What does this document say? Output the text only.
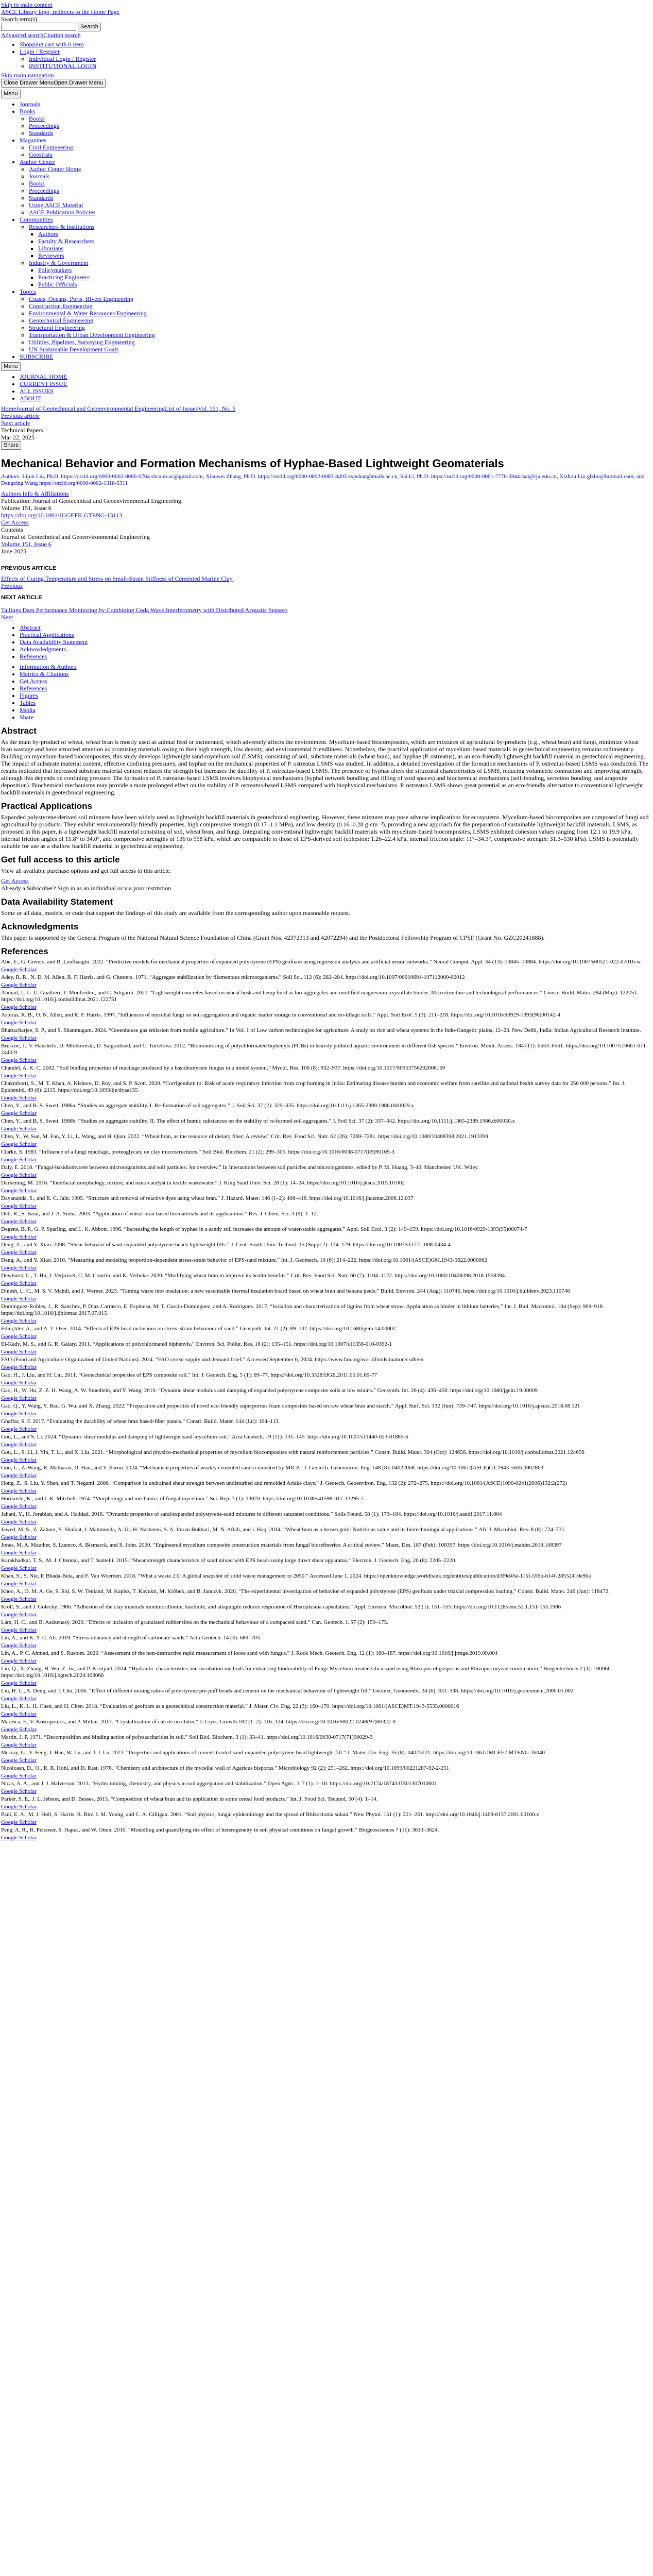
Skip to main content
ASCE Library logo, redirects to the Home Page
Search term(s)
Search
Advanced searchCitation search
• Shopping cart with 0 item
• Login / Register
◦ Individual Login / Register
◦ INSTITUTIONAL LOGIN
Skip main navigation
Close Drawer MenuOpen Drawer Menu
Menu
• Journals
• Books
◦ Books
◦ Proceedings
◦ Standards
• Magazines
◦ Civil Engineering
◦ Geostrata
• Author Center
◦ Author Center Home
◦ Journals
◦ Books
◦ Proceedings
◦ Standards
◦ Using ASCE Material
◦ ASCE Publication Policies
• Communities
◦ Researchers & Institutions
▪ Authors
▪ Faculty & Researchers
▪ Librarians
▪ Reviewers
◦ Industry & Government
▪ Policymakers
▪ Practicing Engineers
▪ Public Officials
• Topics
◦ Coasts, Oceans, Ports, Rivers Engineering
◦ Construction Engineering
◦ Environmental & Water Resources Engineering
◦ Geotechnical Engineering
◦ Structural Engineering
◦ Transportation & Urban Development Engineering
◦ Utilities, Pipelines, Surveying Engineering
◦ UN Sustainable Development Goals
• SUBSCRIBE
Menu
• JOURNAL HOME
• CURRENT ISSUE
• ALL ISSUES
• ABOUT
HomeJournal of Geotechnical and Geoenvironmental EngineeringList of IssuesVol. 151, No. 6
Previous article
Next article
Technical Papers
Mar 22, 2025
Share
Mechanical Behavior and Formation Mechanisms of Hyphae-Based Lightweight Geomaterials

Authors: Lijun Liu, Ph.D. https://orcid.org/0000-0002-8686-0764 shca.m.ac@gmail.com, Xiaowei Zhang, Ph.D. https://orcid.org/0000-0002-0083-4493 zxpshan@mails.ac.cn, Sai Li, Ph.D. https://orcid.org/0000-0001-7776-5944 tsai@tju.edu.cn, Xizhou Liu glzliu@hotmail.com, and Dengxing Wang https://orcid.org/0000-0002-1318-5311

Authors Info & Affiliations
Publication: Journal of Geotechnical and Geoenvironmental Engineering
Volume 151, Issue 6
https://doi.org/10.1061/JGGEFK.GTENG-13113
Get Access
Contents
Journal of Geotechnical and Geoenvironmental Engineering
Volume 151, Issue 6
June 2025
PREVIOUS ARTICLE
Effects of Curing Temperature and Stress on Small-Strain Stiffness of Cemented Marine Clay
Previous
NEXT ARTICLE
Tailings Dam Performance Monitoring by Combining Coda Wave Interferometry with Distributed Acoustic Sensors
Next
• Abstract
• Practical Applications
• Data Availability Statement
• Acknowledgments
• References
• Information & Authors
• Metrics & Citations
• Get Access
• References
• Figures
• Tables
• Media
• Share
Abstract

As the main by-product of wheat, wheat bran is mostly used as animal feed or incinerated, which adversely affects the environment. Mycelium-based biocomposites, which are mixtures of agricultural by-products (e.g., wheat bran) and fungi, minimize wheat bran wastage and have attracted attention as promising materials owing to their high strength, low density, and environmental friendliness. Nonetheless, the practical application of mycelium-based materials in geotechnical engineering remains rudimentary. Building on mycelium-based biocomposites, this study develops lightweight sand-mycelium soil (LSMS), consisting of soil, substrate materials (wheat bran), and hyphae (P. ostreatus), as an eco-friendly lightweight backfill material in geotechnical engineering. The impact of substrate material content, effective confining pressures, and hyphae on the mechanical properties of P. ostreatus LSMS was studied. In addition, a detailed investigation of the formation mechanisms of P. ostreatus-based LSMS was conducted. The results indicated that increased substrate material content reduces the strength but increases the ductility of P. ostreatus-based LSMS. The presence of hyphae alters the structural characteristics of LSMS, reducing volumetric contraction and improving strength, although this depends on confining pressure. The formation of P. ostreatus-based LSMS involves biophysical mechanisms (hyphal network bundling and filling of void spaces) and biochemical mechanisms (self-bonding, secretion bonding, and aragonite deposition). Biochemical mechanisms may provide a more prolonged effect on the stability of P. ostreatus-based LSMS compared with biophysical mechanisms. P. ostreatus LSMS shows great potential as an eco-friendly alternative to conventional lightweight backfill materials in geotechnical engineering.

Practical Applications

Expanded polystyrene-derived soil mixtures have been widely used as lightweight backfill materials in geotechnical engineering. However, these mixtures may pose adverse implications for ecosystems. Mycelium-based biocomposites are composed of fungi and agricultural by-products. They exhibit environmentally friendly properties, high compressive strength (0.17–1.1 MPa), and low density (0.16–0.28 g·cm⁻³), providing a new approach for the preparation of sustainable lightweight backfill materials. LSMS, as proposed in this paper, is a lightweight backfill material consisting of soil, wheat bran, and fungi. Integrating conventional lightweight backfill materials with mycelium-based biocomposites, LSMS exhibited cohesion values ranging from 12.1 to 19.9 kPa, internal friction angles of 15.8° to 34.0°, and compressive strengths of 136 to 558 kPa, which are comparable to those of EPS-derived soil (cohesion: 1.26–22.4 kPa, internal friction angle: 11°–34.3°, compressive strength: 31.3–530 kPa). LSMS is potentially suitable for use as a shallow backfill material in geotechnical engineering.

Get full access to this article

View all available purchase options and get full access to this article.

Get Access

Already a Subscriber? Sign in as an individual or via your institution

Data Availability Statement

Some or all data, models, or code that support the findings of this study are available from the corresponding author upon reasonable request.

Acknowledgments

This paper is supported by the General Program of the National Natural Science Foundation of China (Grant Nos. 42372313 and 42072294) and the Postdoctoral Fellowship Program of CPSF (Grant No. GZC20241888).

References
Abe, E., G. Govers, and B. Lenfhaagtn. 2022. “Predictive models for mechanical properties of expanded polystyrene (EPS) geofoam using regression analysis and artificial neural networks.” Neural Comput. Appl. 34 (13): 10845–10884. https://doi.org/10.1007/s00521-022-07016-w
Google Scholar
Adey, R. R., N. D. M. Allen, R. F. Harris, and G. Chesters. 1971. “Aggregate stabilization by filamentous microorganisms.” Soil Sci. 112 (6): 282–284. https://doi.org/10.1097/00010694-197112000-00012
Google Scholar
Ahmad, J., L. U. Gualtieri, T. Monfredini, and C. Siligardi. 2021. “Lightweight concretes based on wheat husk and hemp hurd as bio-aggregates and modified magnesium oxysulfate binder: Microstructure and technological performances.” Constr. Build. Mater. 284 (May): 122751. https://doi.org/10.1016/j.conbuildmat.2021.122751
Google Scholar
Aspiras, R. B., O. N. Allen, and R. F. Harris. 1997. “Influences of mycelial fungi on soil aggregation and organic matter storage in conventional and no-tillage soils.” Appl. Soil Ecol. 5 (3): 211–218. https://doi.org/10.1016/S0929-1393(96)00142-4
Google Scholar
Bhattacharjee, S. P., and S. Shanmugam. 2024. “Greenhouse gas emission from mobile agriculture.” In Vol. 1 of Low carbon technologies for agriculture: A study on rice and wheat systems in the Indo-Gangetic plains, 12–23. New Delhi, India: Indian Agricultural Research Institute.
Google Scholar
Bruscoe, J., V. Hanshelo, D. Mlotkoreski, D. Salgoultsed, and C. Turlelova. 2012. “Biomonitoring of polychlorinated biphenyls (PCBs) in heavily polluted aquatic environment in different fish species.” Environ. Monit. Assess. 184 (11): 6553–6561. https://doi.org/10.1007/s10661-011-2440-9
Google Scholar
Chandel, A. K. C. 2002. “Soil binding properties of mucilage produced by a basidiomycete fungus in a model system.” Mycol. Res. 106 (8): 932–937. https://doi.org/10.1017/S0953756202006159
Google Scholar
Chakraborti, S., M. T. Khan, A. Kishore, D. Roy, and S. P. Scott. 2020. “Corrigendum to: Risk of acute respiratory infection from crop burning in India: Estimating disease burden and economic welfare from satellite and national health survey data for 250 000 persons.” Int. J. Epidemiol. 49 (6): 2115. https://doi.org/10.1093/ije/dyaa155
Google Scholar
Chen, Y., and B. S. Swett. 1986a. “Studies on aggregate stability. I. Re-formation of soil aggregates.” J. Soil Sci. 37 (2): 329–335. https://doi.org/10.1111/j.1365-2389.1986.tb00029.x
Google Scholar
Chen, Y., and B. S. Swett. 1986b. “Studies on aggregate stability. II. The effect of humic substances on the stability of re-formed soil aggregates.” J. Soil Sci. 37 (2): 337–342. https://doi.org/10.1111/j.1365-2389.1986.tb00030.x
Google Scholar
Chen, Y., W. Sun, M. Fan, Y. Li, L. Wang, and H. Qian. 2022. “Wheat bran, as the resource of dietary fiber: A review.” Crit. Rev. Food Sci. Nutr. 62 (26): 7269–7281. https://doi.org/10.1080/10408398.2021.1913399
Google Scholar
Clarke, S. 1983. “Influence of a fungi mucilage, proteoglycan, on clay microstructures.” Soil Biol. Biochem. 21 (2): 299–305. https://doi.org/10.1016/0038-0717(89)90109-3
Google Scholar
Daly, E. 2018. “Fungal-basidiomycete between microorganisms and soil particles: An overview.” In Interactions between soil particles and microorganisms, edited by P. M. Huang, 3–40. Manchester, UK: Wiley.
Google Scholar
Darkening, M. 2016. “Interfacial morphology, texture, and nano-catalyst in textile wastewater.” J. King Saud Univ. Sci. 28 (1): 14–24. https://doi.org/10.1016/j.jksus.2015.10.002
Google Scholar
Dayananda, S., and R. C. Jain. 1995. “Structure and removal of reactive dyes using wheat bran.” J. Hazard. Mater. 146 (1–2): 408–416. https://doi.org/10.1016/j.jhazmat.2006.12.037
Google Scholar
Deb, R., S. Basu, and J. A. Sinha. 2003. “Application of wheat bran based biomaterials and its applications.” Res. J. Chem. Sci. 3 (9): 1–12.
Google Scholar
Degens, B. P., G. P. Sparling, and L. K. Abbott. 1996. “Increasing the length of hyphae in a sandy soil increases the amount of water-stable aggregates.” Appl. Soil Ecol. 3 (2): 149–159. https://doi.org/10.1016/0929-1393(95)00074-7
Google Scholar
Deng, A., and Y. Xiao. 2008. “Shear behavior of sand-expanded polystyrene beads lightweight fills.” J. Cent. South Univ. Technol. 15 (Suppl 2): 174–179. https://doi.org/10.1007/s11771-008-0434-4
Google Scholar
Deng, A., and Y. Xiao. 2010. “Measuring and modeling proportion-dependent stress-strain behavior of EPS-sand mixture.” Int. J. Geomech. 10 (6): 214–222. https://doi.org/10.1061/(ASCE)GM.1943-5622.0000062
Google Scholar
Dewhurst, L., T. Hu, J. Verjovsel, C. M. Courtin, and K. Verbeke. 2020. “Modifying wheat bran to improve its health benefits.” Crit. Rev. Food Sci. Nutr. 60 (7): 1104–1122. https://doi.org/10.1080/10408398.2018.1558394
Google Scholar
Dinesh, L. C., M. S. V. Mahdi, and J. Werner. 2023. “Taming waste into insulation: a new sustainable thermal insulation board based on wheat bran and banana peels.” Build. Environ. 244 (Aug): 110746. https://doi.org/10.1016/j.buildenv.2023.110746
Google Scholar
Dominguez-Robles, J., R. Sanchez, P. Diaz-Carrasco, E. Espinosa, M. T. Garcia-Dominguez, and A. Rodriguez. 2017. “Isolation and characterization of lignins from wheat straw: Application as binder in lithium batteries.” Int. J. Biol. Macromol. 104 (Sep): 909–918. https://doi.org/10.1016/j.ijbiomac.2017.07.015
Google Scholar
Edinçliler, A., and A. T. Ozer. 2014. “Effects of EPS bead inclusions on stress–strain behaviour of sand.” Geosynth. Int. 21 (2): 89–102. https://doi.org/10.1680/gein.14.00002
Google Scholar
El-Kady, M. S., and G. R. Galaty. 2011. “Applications of polychlorinated biphenyls.” Environ. Sci. Pollut. Res. 18 (2): 135–151. https://doi.org/10.1007/s11356-010-0392-1
Google Scholar
FAO (Food and Agriculture Organization of United Nations). 2024. “FAO cereal supply and demand brief.” Accessed September 6, 2024. https://www.fao.org/worldfoodsituation/csdb/en
Google Scholar
Gao, H., J. Liu, and H. Liu. 2011. “Geotechnical properties of EPS composite soil.” Int. J. Geotech. Eng. 5 (1): 69–77. https://doi.org/10.3328/IJGE.2011.05.01.69-77
Google Scholar
Gao, H., W. Hu, Z. Z. H. Wang, A. W. Stuedlein, and Y. Wang. 2019. “Dynamic shear modulus and damping of expanded polystyrene composite soils at low strains.” Geosynth. Int. 26 (4): 436–450. https://doi.org/10.1680/jgein.19.00009
Google Scholar
Gao, Q., Y. Wang, Y. Bao, G. Wu, and X. Zhang. 2022. “Preparation and properties of novel eco-friendly superporous foam composites based on raw wheat bran and starch.” Appl. Surf. Sci. 132 (Jun): 739–747. https://doi.org/10.1016/j.apsusc.2018.08.121
Google Scholar
Ghaffar, S. F. 2017. “Evaluating the durability of wheat bran based-fiber panels.” Constr. Build. Mater. 144 (Jul): 104–113.
Google Scholar
Gou, L., and S. Li. 2024. “Dynamic shear modulus and damping of lightweight sand-mycelium soil.” Acta Geotech. 19 (11): 131–145. https://doi.org/10.1007/s11440-023-01885-6
Google Scholar
Gou, L., S. Li, J. Yin, T. Li, and X. Liu. 2021. “Morphological and physico-mechanical properties of mycelium biocomposites with natural reinforcement particles.” Constr. Build. Mater. 304 (Oct): 124656. https://doi.org/10.1016/j.conbuildmat.2021.124656
Google Scholar
Gou, L., Z. Wang, R. Matharav, D. Han, and Y. Kwon. 2024. “Mechanical properties of weakly cemented sands cemented by MICP.” J. Geotech. Geoenviron. Eng. 148 (8): 04022068. https://doi.org/10.1061/(ASCE)GT.1943-5606.0002863
Google Scholar
Hong, Z., S. Liu, Y. Shen, and T. Negami. 2006. “Comparison in undrained shear strength between undisturbed and remolded Ariake clays.” J. Geotech. Geoenviron. Eng. 132 (2): 272–275. https://doi.org/10.1061/(ASCE)1090-0241(2006)132:2(272)
Google Scholar
Horikoshi, K., and J. K. Mitchell. 1974. “Morphology and mechanics of fungal mycelium.” Sci. Rep. 7 (1): 13070. https://doi.org/10.1038/s41598-017-13295-2
Google Scholar
Jahani, Y., H. Jorabian, and A. Haddad. 2018. “Dynamic properties of sand/expanded polystyrene-sand mixtures in different saturated conditions.” Soils Found. 58 (1): 173–184. https://doi.org/10.1016/j.sandf.2017.11.004
Google Scholar
Jawed, M. S., Z. Zahoor, S. Shafaat, I. Mahmooda, A. Ur, H. Nasheeni, S. A. Imran Bukhari, M. N. Aftab, and I. Haq. 2014. “Wheat bran as a brown gold: Nutritious value and its biotechnological applications.” Afr. J. Microbiol. Res. 8 (8): 724–731.
Google Scholar
Jones, M. A. Mauther, S. Luenco, A. Bismarck, and S. John. 2020. “Engineered mycelium composite construction materials from fungal biorefineries: A critical review.” Mater. Des. 187 (Feb): 108397. https://doi.org/10.1016/j.matdes.2019.108397
Google Scholar
Karakhadkar, T. S., M. J. Chennai, and T. Santelli. 2015. “Shear strength characteristics of sand mixed with EPS beads using large direct shear apparatus.” Electron. J. Geotech. Eng. 20 (8): 2205–2220.
Google Scholar
Khan, S., S. Nie, P. Bhada-Bela, and F. Van Woerden. 2018. “What a waste 2.0: A global snapshot of solid waste management to 2050.” Accessed June 1, 2024. https://openknowledge.worldbank.org/entities/publication/d3f9d45e-115f-559b-b14f-28552410e90a
Google Scholar
Khoo, A., O. M. A. Ge, S. Sid, S. W. Tenland, M. Kapisz, T. Kavukti, M. Kröbek, and B. Janczyk. 2020. “The experimental investigation of behavior of expanded polystyrene (EPS) geofoam under triaxial compression loading.” Constr. Build. Mater. 246 (Jun): 118472.
Google Scholar
Kroll, S., and J. Golecky. 1986. “Adhesion of the clay minerals montmorillonite, kaolinite, and attapulgite reduces respiration of Histoplasma capsulatum.” Appl. Environ. Microbiol. 52 (1): 151–155. https://doi.org/10.1128/aem.52.1.151-155.1986
Google Scholar
Lam, H. C., and B. Aszkenasy. 2020. “Effects of inclusion of granulated rubber tires on the mechanical behaviour of a compacted sand.” Can. Geotech. J. 57 (2): 159–175.
Google Scholar
Lin, A., and K. Y. C. Ali. 2019. “Stress-dilatancy and strength of carbonate sands.” Acta Geotech. 14 (3): 689–703.
Google Scholar
Lin, A., P. C. Ahmed, and S. Rustom. 2020. “Assessment of the non-destructive rapid measurement of loose sand with fungus.” J. Rock Mech. Geotech. Eng. 12 (1): 160–187. https://doi.org/10.1016/j.jrmge.2019.09.004
Google Scholar
Liu, Q., X. Zhang, H. Wu, Z. Jia, and P. Kristjanl. 2024. “Hydraulic characteristics and incubation methods for enhancing biodurability of Fungi-Mycelium treated silica sand using Rhizopus oligosporus and Rhizopus oryzae combination.” Biogeotechnics 2 (1): 100066. https://doi.org/10.1016/j.bgtech.2024.100066
Google Scholar
Liu, H. L., A. Deng, and J. Chu. 2006. “Effect of different mixing ratios of polystyrene pre-puff beads and cement on the mechanical behaviour of lightweight fill.” Geotext. Geomembr. 24 (6): 331–338. https://doi.org/10.1016/j.geotexmem.2006.05.002
Google Scholar
Liu, L., K. L. H. Chen, and H. Chen. 2018. “Evaluation of geofoam as a geotechnical construction material.” J. Mater. Civ. Eng. 22 (3): 160–170. https://doi.org/10.1061/(ASCE)MT.1943-5533.0000016
Google Scholar
Maresca, F., V. Kostopoulos, and P. Millan. 2017. “Crystallization of calcite on chitin.” J. Cryst. Growth 182 (1–2): 116–124. https://doi.org/10.1016/S0022-0248(97)00322-0
Google Scholar
Martin, J. P. 1971. “Decomposition and binding action of polysaccharides in soil.” Soil Biol. Biochem. 3 (1): 33–41. https://doi.org/10.1016/0038-0717(71)90029-3
Google Scholar
Mccray, G., Y. Feng, J. Han, W. Lu, and J. J. Lu. 2023. “Properties and applications of cement-treated sand-expanded polystyrene bead lightweight fill.” J. Mater. Civ. Eng. 35 (8): 04023221. https://doi.org/10.1061/JMCEE7.MTENG-16040
Google Scholar
Nicoloasn, D., O., R. R. Hohl, and D. Rast. 1976. “Chemistry and architecture of the mycelial wall of Agaricus bisporus.” Microbiology 92 (2): 251–262. https://doi.org/10.1099/00221287-92-2-251
Google Scholar
Nicas, A. A., and J. J. Halverson. 2013. “Hydro mining, chemistry, and physics in soil aggregation and stabilization.” Open Agric. J. 7 (1): 1–10. https://doi.org/10.2174/1874331501307010001
Google Scholar
Parker, S. E., J. L. Jebson, and D. Besses. 2015. “Composition of wheat bran and its application in some cereal food products.” Int. J. Food Sci. Technol. 50 (4): 1–14.
Google Scholar
Paul, E. A., M. J. Holt, S. Harris, R. Ritz, I. M. Young, and C. A. Gilligan. 2001. “Soil physics, fungal epidemiology and the spread of Rhizoctonia solani.” New Phytol. 151 (1): 221–231. https://doi.org/10.1046/j.1469-8137.2001.00160.x
Google Scholar
Peng, A. R., R. Pelcoser, S. Hapca, and W. Otten. 2010. “Modelling and quantifying the effect of heterogeneity in soil physical conditions on fungal growth.” Biogeosciences 7 (11): 3613–3624.
Google Scholar
